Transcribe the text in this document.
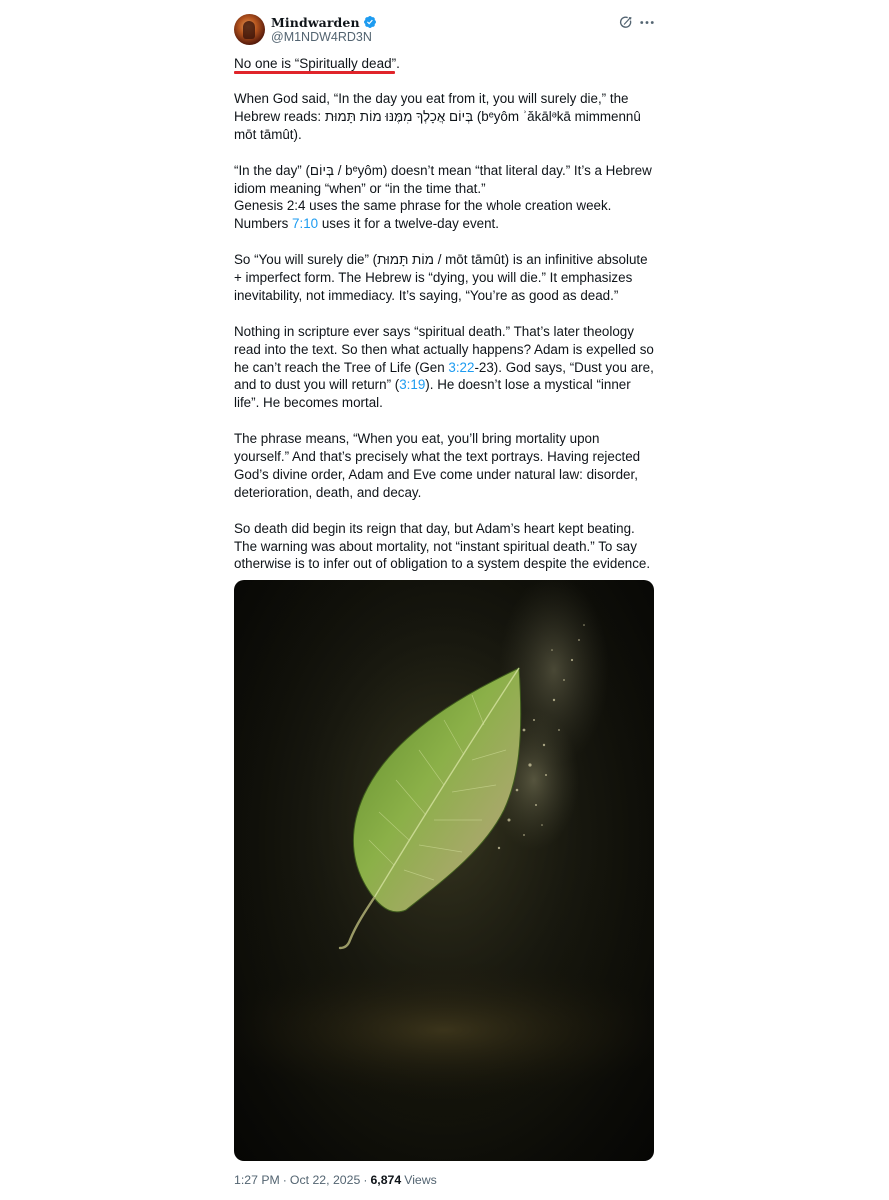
Mindwarden
@M1NDW4RD3N
No one is “Spiritually dead”.

When God said, “In the day you eat from it, you will surely die,” the Hebrew reads: בְּיוֹם אֲכָלְךָ מִמֶּנּוּ מוֹת תָּמוּת (bᵉyôm ʾăkālᵊkā mimmennû mōt tāmût).

“In the day” (בְּיוֹם / bᵉyôm) doesn’t mean “that literal day.” It’s a Hebrew idiom meaning “when” or “in the time that.”
Genesis 2:4 uses the same phrase for the whole creation week. Numbers 7:10 uses it for a twelve-day event.

So “You will surely die” (מוֹת תָּמוּת / mōt tāmût) is an infinitive absolute + imperfect form. The Hebrew is “dying, you will die.” It emphasizes inevitability, not immediacy. It’s saying, “You’re as good as dead.”

Nothing in scripture ever says “spiritual death.” That’s later theology read into the text. So then what actually happens? Adam is expelled so he can’t reach the Tree of Life (Gen 3:22-23). God says, “Dust you are, and to dust you will return” (3:19). He doesn’t lose a mystical “inner life”. He becomes mortal.

The phrase means, “When you eat, you’ll bring mortality upon yourself.” And that’s precisely what the text portrays. Having rejected God’s divine order, Adam and Eve come under natural law: disorder, deterioration, death, and decay.

So death did begin its reign that day, but Adam’s heart kept beating. The warning was about mortality, not “instant spiritual death.” To say otherwise is to infer out of obligation to a system despite the evidence.

1:27 PM · Oct 22, 2025 · 6,874 Views
